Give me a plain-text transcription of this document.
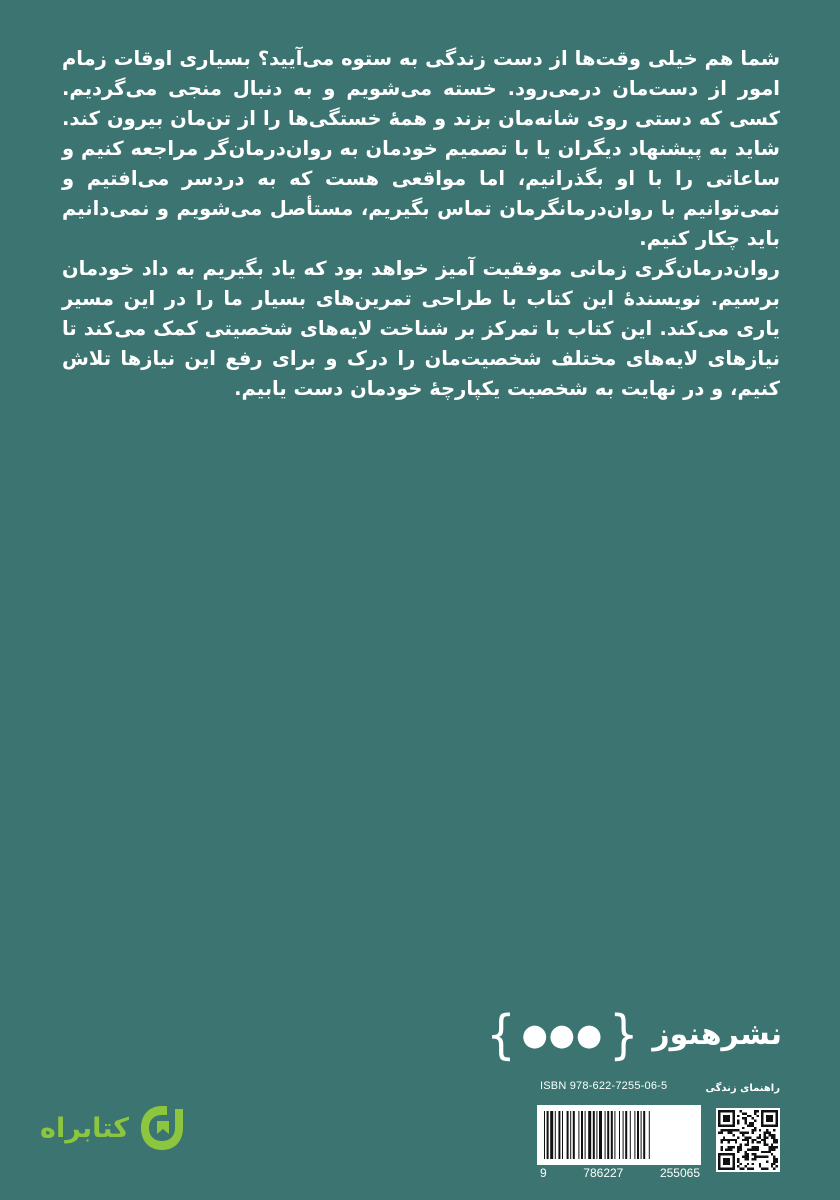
شما هم خیلی وقت‌ها از دست زندگی به ستوه می‌آیید؟ بسیاری اوقات زمام امور از دست‌مان در‌می‌رود. خسته می‌شویم و به دنبال منجی می‌گردیم. کسی که دستی روی شانه‌مان بزند و همهٔ خستگی‌ها را از تن‌مان بیرون کند. شاید به پیشنهاد دیگران یا با تصمیم خودمان به روان‌درمان‌گر مراجعه کنیم و ساعاتی را با او بگذرانیم، اما مواقعی هست که به دردسر می‌افتیم و نمی‌توانیم با روان‌درمانگرمان تماس بگیریم، مستأصل می‌شویم و نمی‌دانیم باید چکار کنیم.

روان‌درمان‌گری زمانی موفقیت آمیز خواهد بود که یاد بگیریم به داد خودمان برسیم. نویسندهٔ این کتاب با طراحی تمرین‌های بسیار ما را در این مسیر یاری می‌کند. این کتاب با تمرکز بر شناخت لایه‌های شخصیتی کمک می‌کند تا نیازهای لایه‌های مختلف شخصیت‌مان را درک و برای رفع این نیازها تلاش کنیم، و در نهایت به شخصیت یکپارچهٔ خودمان دست یابیم.

{ ●●● } نشرهنوز
راهنمای زندگی
ISBN 978-622-7255-06-5
9	786227	255065
کتابراه
